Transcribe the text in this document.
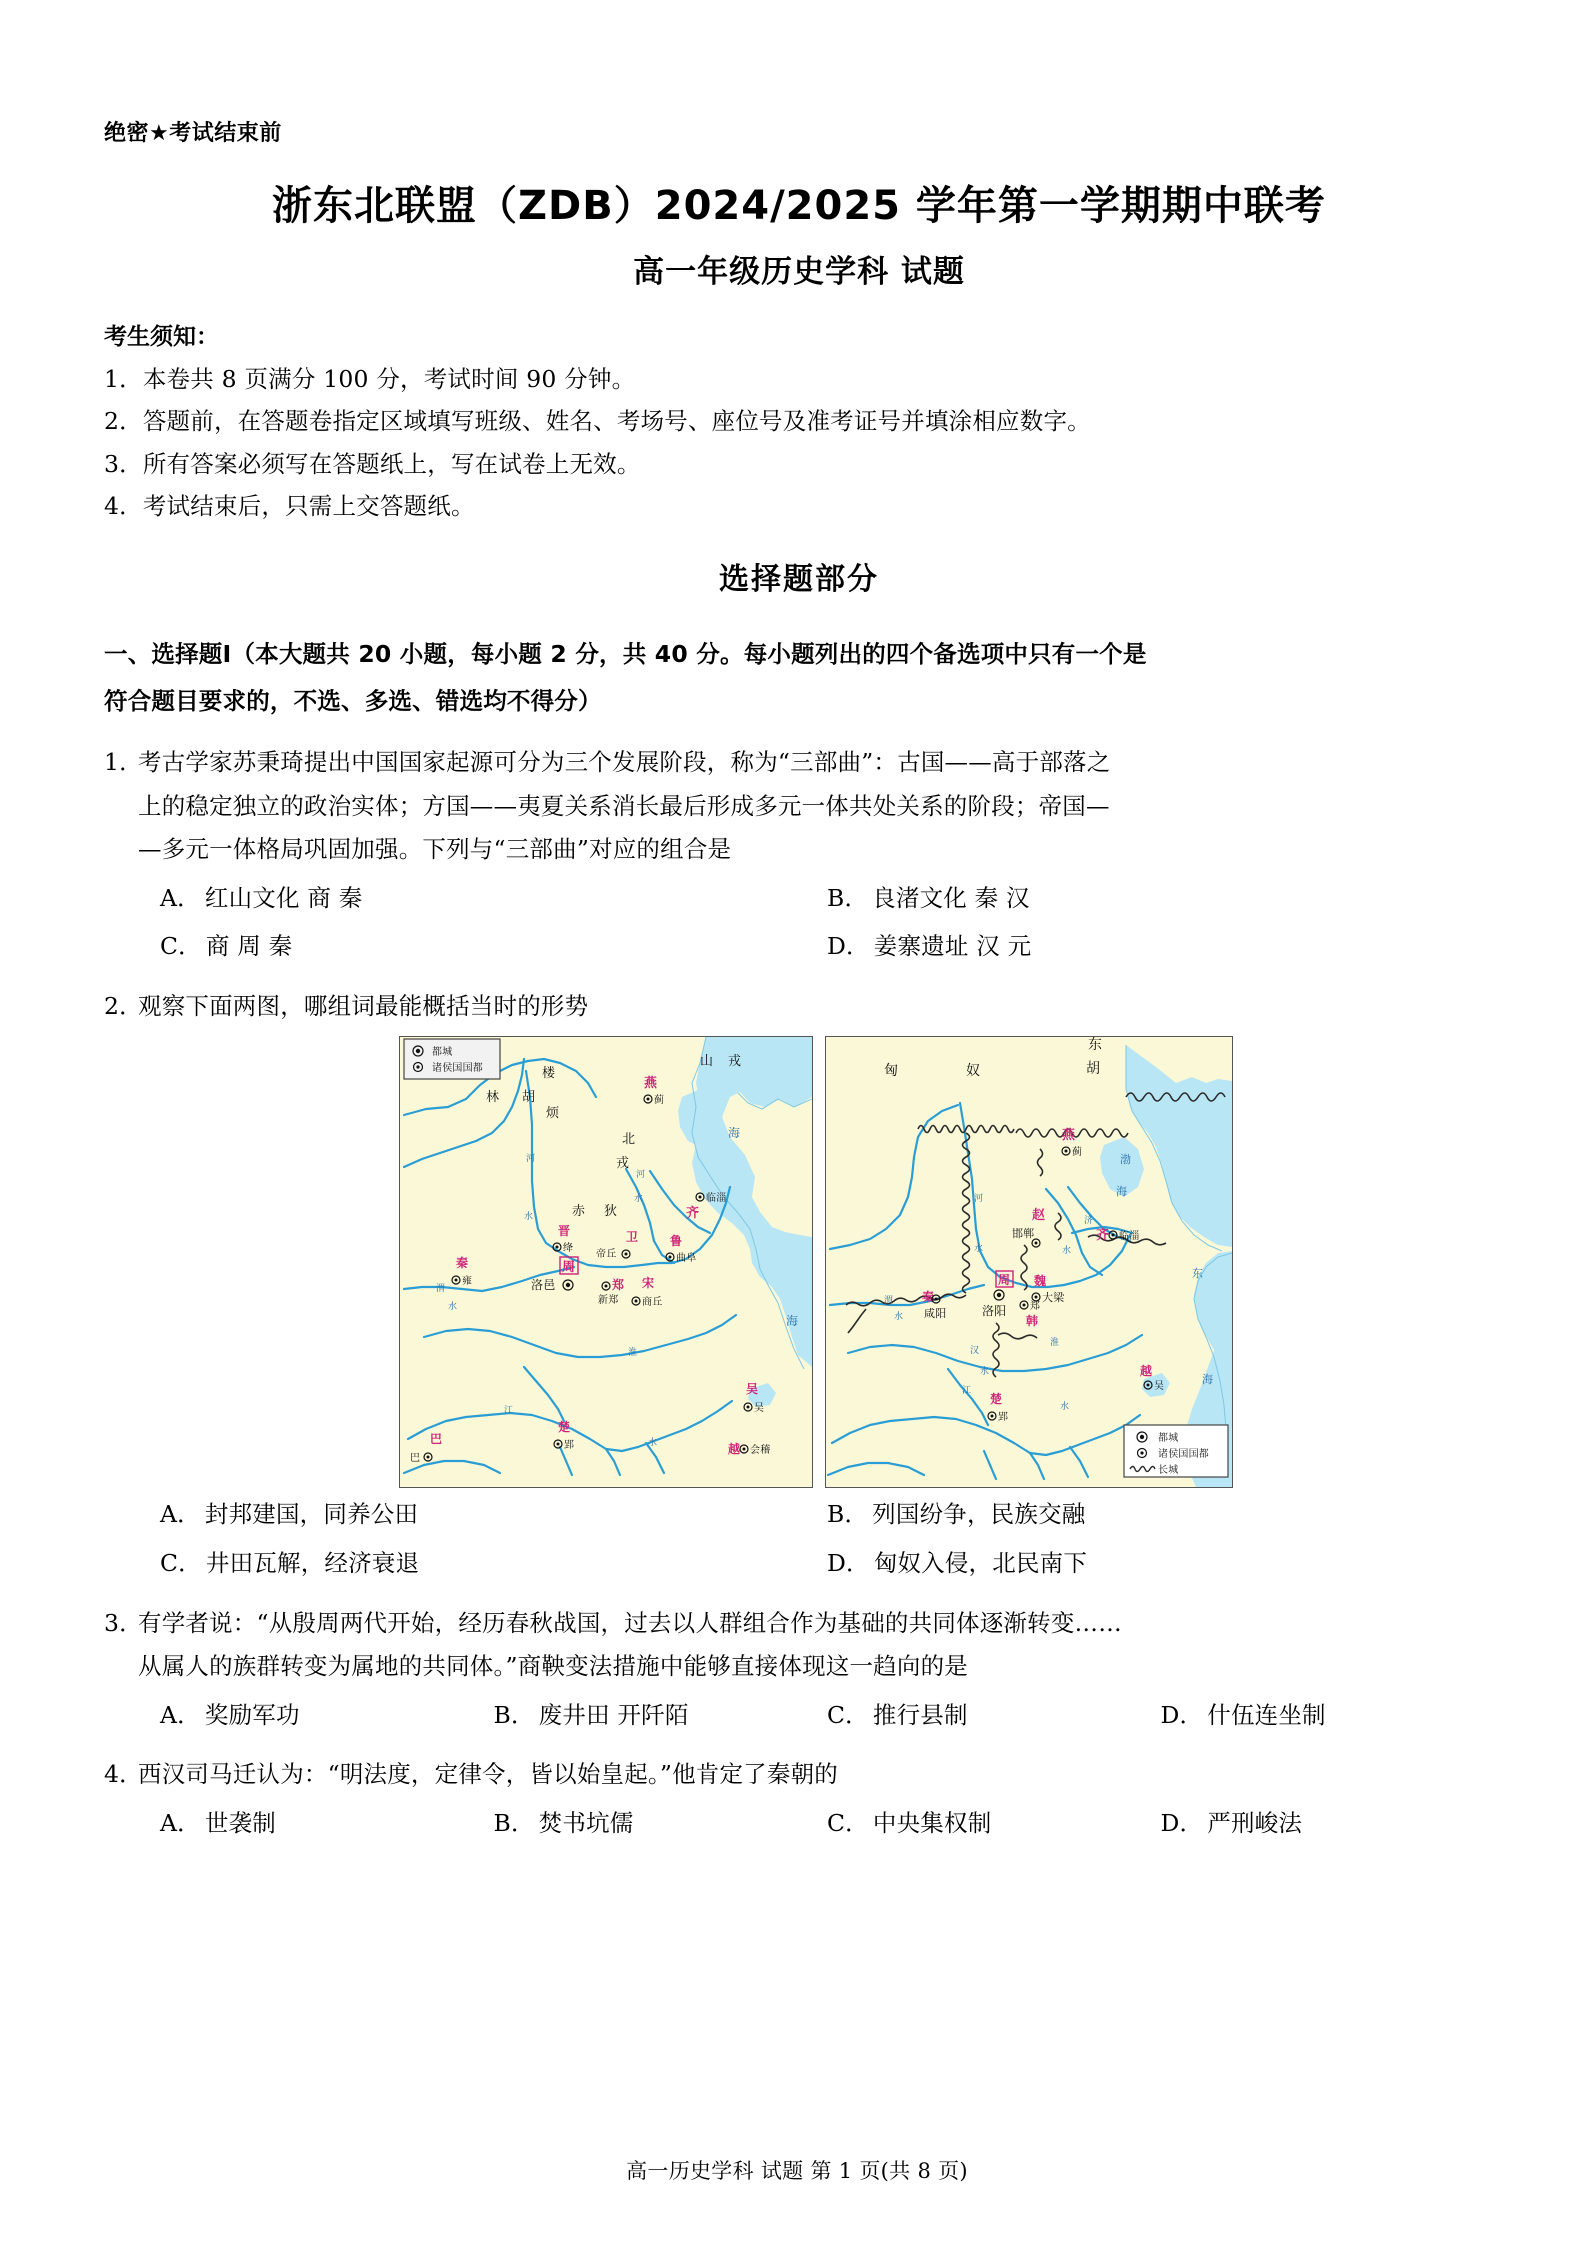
绝密★考试结束前
浙东北联盟（ZDB）2024/2025 学年第一学期期中联考
高一年级历史学科 试题
考生须知：
1．本卷共 8 页满分 100 分，考试时间 90 分钟。
2．答题前，在答题卷指定区域填写班级、姓名、考场号、座位号及准考证号并填涂相应数字。
3．所有答案必须写在答题纸上，写在试卷上无效。
4．考试结束后，只需上交答题纸。
选择题部分
一、选择题Ⅰ（本大题共 20 小题，每小题 2 分，共 40 分。每小题列出的四个备选项中只有一个是
符合题目要求的，不选、多选、错选均不得分）
1．
考古学家苏秉琦提出中国国家起源可分为三个发展阶段，称为“三部曲”：古国——高于部落之
上的稳定独立的政治实体；方国——夷夏关系消长最后形成多元一体共处关系的阶段；帝国—
—多元一体格局巩固加强。下列与“三部曲”对应的组合是
A． 红山文化 商 秦	B． 良渚文化 秦 汉
C． 商 周 秦	D． 姜寨遗址 汉 元
2．
观察下面两图，哪组词最能概括当时的形势
都城
诸侯国国都	楼
烦
林 胡
山 戎
赤 狄
北
戎
海
海
河
水
河
水
渭
水
江
水
淮
燕
蓟
齐
临淄
晋
绛
卫
帝丘
鲁
曲阜
秦
雍
周
洛邑	郑
新郑
宋
商丘
吴
吴
楚
郢
巴
巴
越 会稽
匈	奴
东
胡
渤
海
东
海
河
水
济
水
渭
水
汉
水
江
淮
水
燕
蓟
赵
邯郸	齐 临淄
魏
大梁
郑
韩
秦
咸阳
周
洛阳
越
吴
楚
郢
都城
诸侯国国都
长城
A． 封邦建国，同养公田	B． 列国纷争，民族交融
C． 井田瓦解，经济衰退	D． 匈奴入侵，北民南下
3．
有学者说：“从殷周两代开始，经历春秋战国，过去以人群组合作为基础的共同体逐渐转变……
从属人的族群转变为属地的共同体。”商鞅变法措施中能够直接体现这一趋向的是
A． 奖励军功	B． 废井田 开阡陌	C． 推行县制	D． 什伍连坐制
4．
西汉司马迁认为：“明法度，定律令，皆以始皇起。”他肯定了秦朝的
A． 世袭制	B． 焚书坑儒	C． 中央集权制	D． 严刑峻法
高一历史学科 试题 第 1 页(共 8 页)
